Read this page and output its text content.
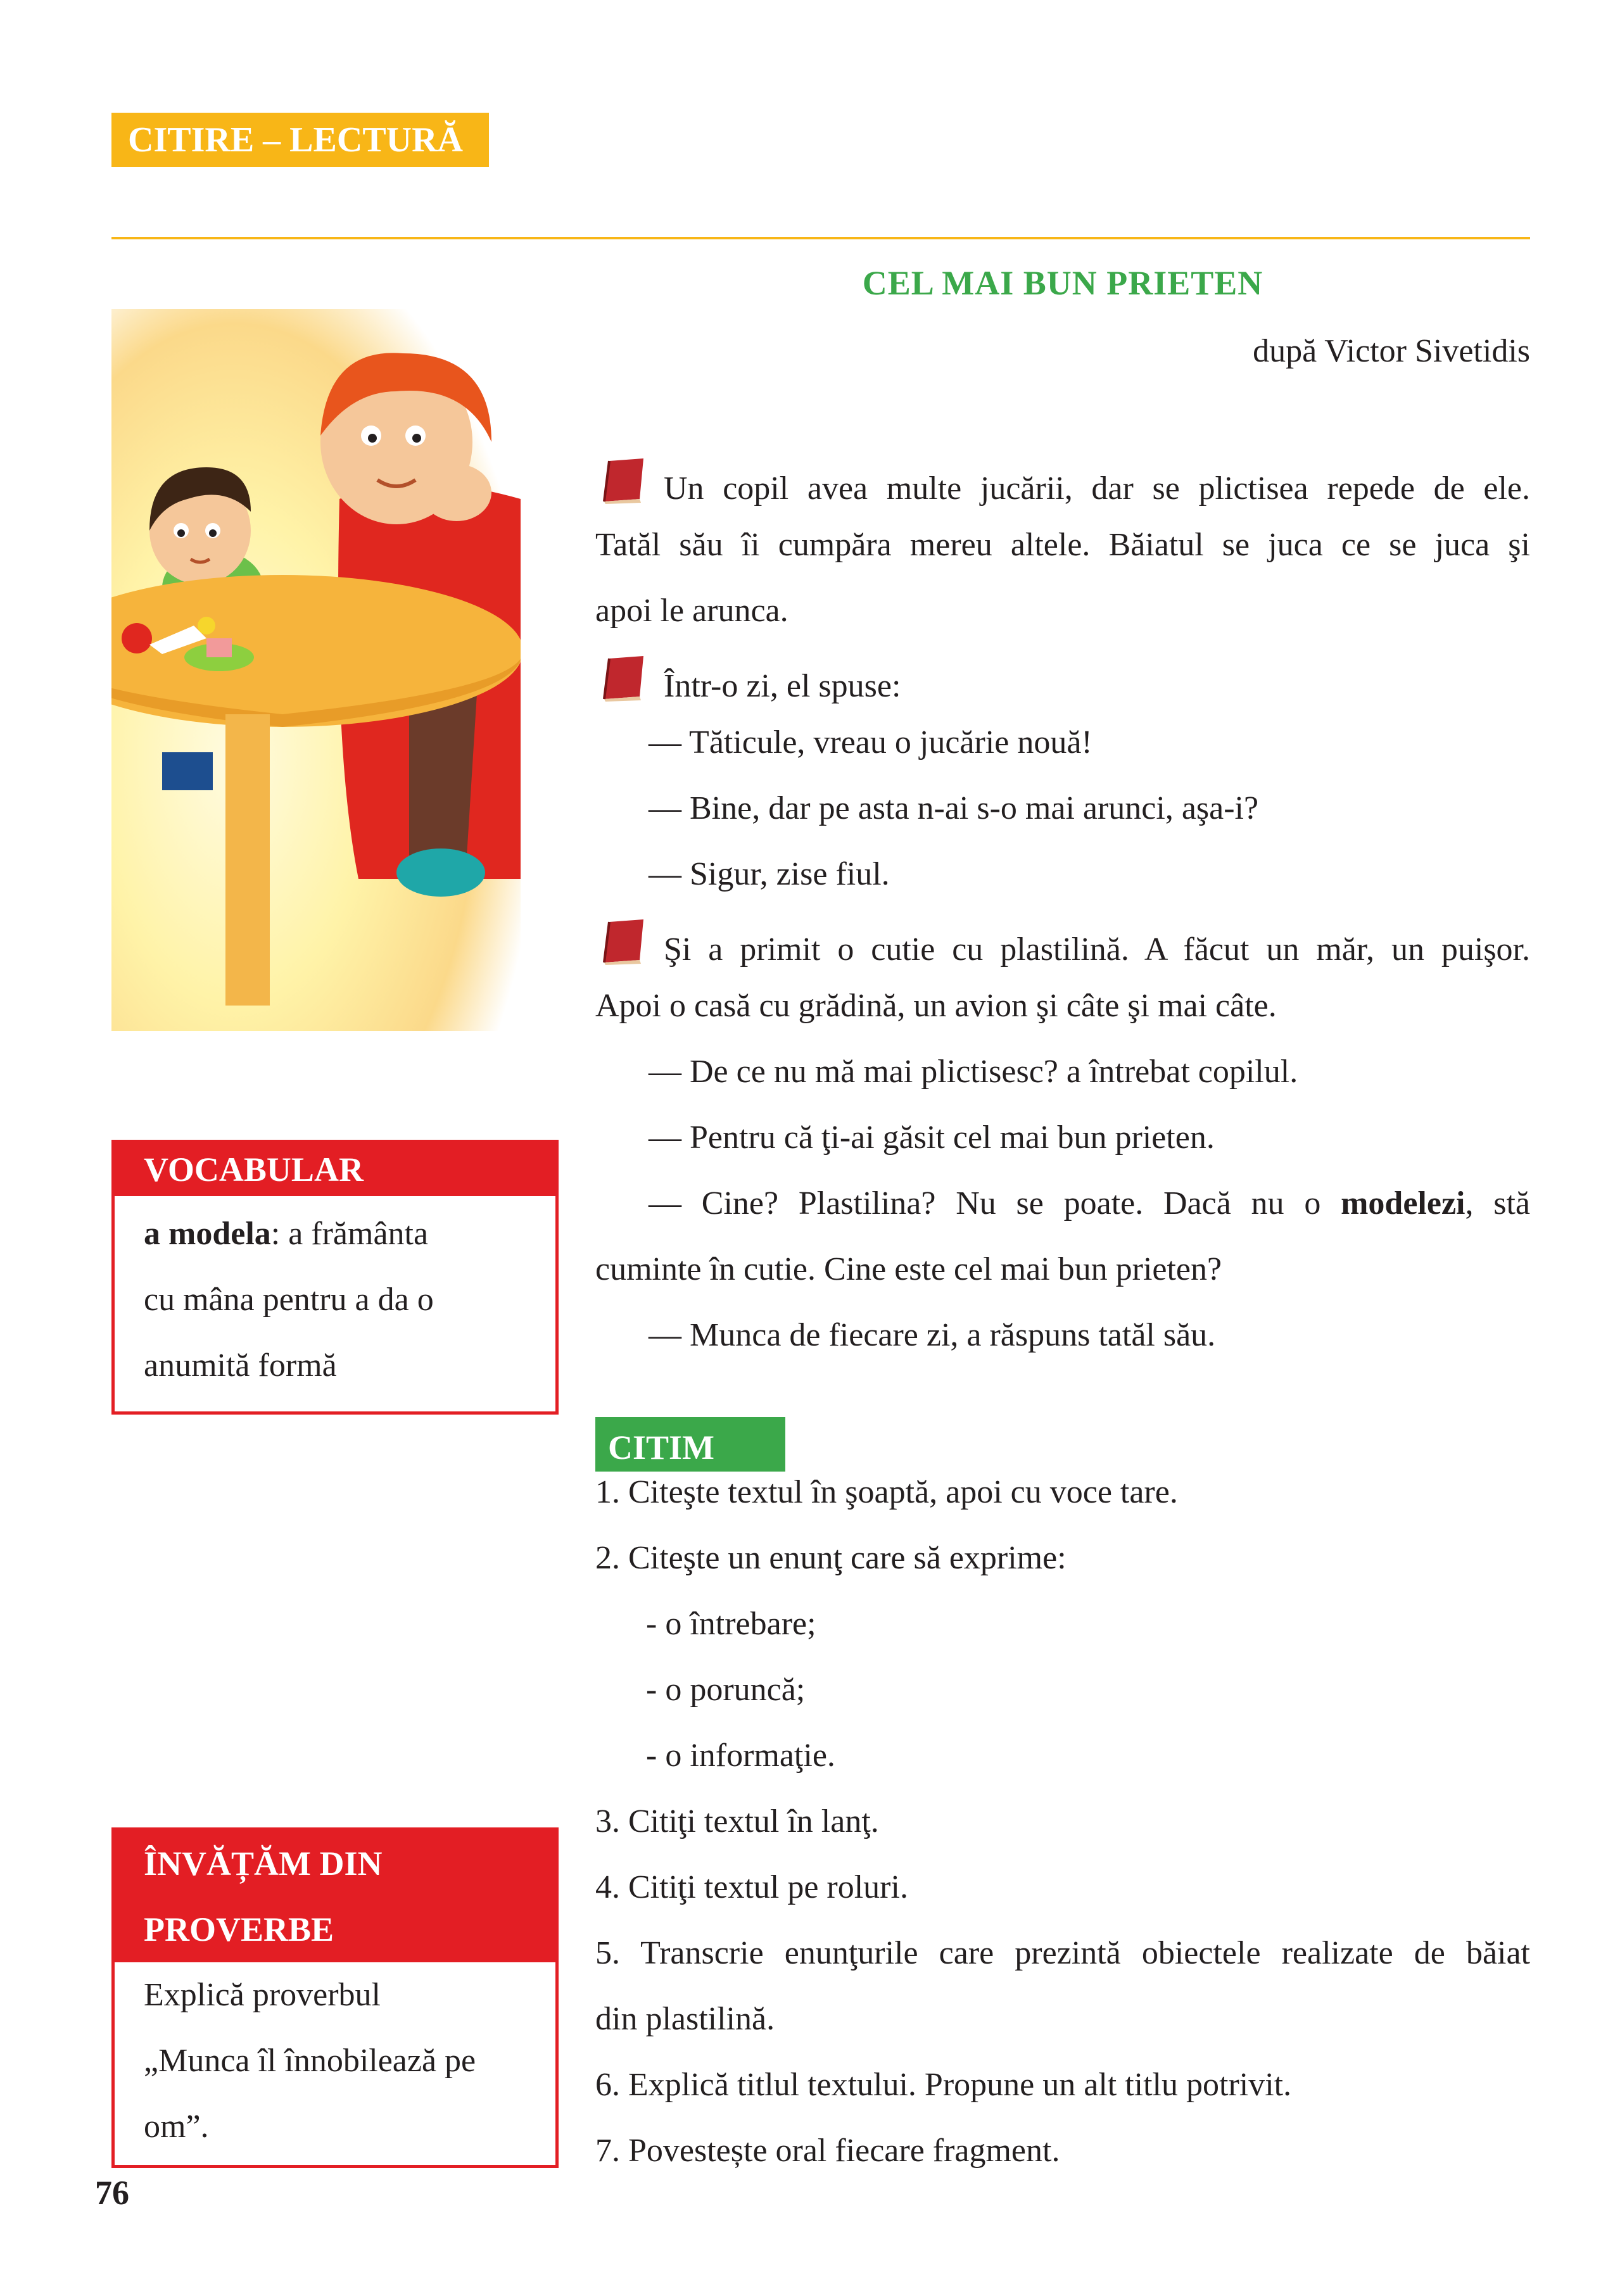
CITIRE – LECTURĂ
CEL MAI BUN PRIETEN
după Victor Sivetidis
Un copil avea multe jucării, dar se plictisea repede de ele.
Tatăl său îi cumpăra mereu altele. Băiatul se juca ce se juca şi
apoi le arunca.
Într-o zi, el spuse:
— Tăticule, vreau o jucărie nouă!
— Bine, dar pe asta n-ai s-o mai arunci, aşa-i?
— Sigur, zise fiul.
Şi a primit o cutie cu plastilină. A făcut un măr, un puişor.
Apoi o casă cu grădină, un avion şi câte şi mai câte.
— De ce nu mă mai plictisesc? a întrebat copilul.
— Pentru că ţi-ai găsit cel mai bun prieten.
— Cine? Plastilina? Nu se poate. Dacă nu o modelezi, stă
cuminte în cutie. Cine este cel mai bun prieten?
— Munca de fiecare zi, a răspuns tatăl său.
VOCABULAR
a modela: a frământa
cu mâna pentru a da o
anumită formă
CITIM
1. Citeşte textul în şoaptă, apoi cu voce tare.
2. Citeşte un enunţ care să exprime:
- o întrebare;
- o poruncă;
- o informaţie.
3. Citiţi textul în lanţ.
4. Citiţi textul pe roluri.
5. Transcrie enunţurile care prezintă obiectele realizate de băiat
din plastilină.
6. Explică titlul textului. Propune un alt titlu potrivit.
7. Povestește oral fiecare fragment.
ÎNVĂȚĂM DIN
PROVERBE
Explică proverbul
„Munca îl înnobilează pe
om”.
76
